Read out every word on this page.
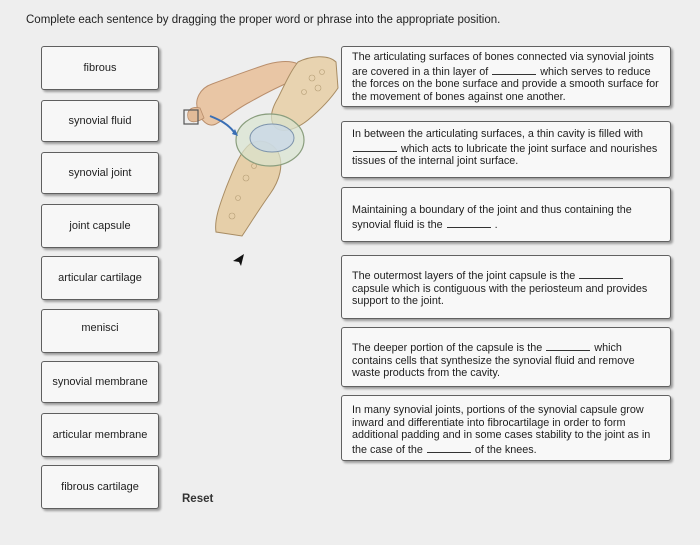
Complete each sentence by dragging the proper word or phrase into the appropriate position.
fibrous
synovial fluid
synovial joint
joint capsule
articular cartilage
menisci
synovial membrane
articular membrane
fibrous cartilage
The articulating surfaces of bones connected via synovial joints are covered in a thin layer of	which serves to reduce the forces on the bone surface and provide a smooth surface for the movement of bones against one another.
In between the articulating surfaces, a thin cavity is filled with  which acts to lubricate the joint surface and nourishes tissues of the internal joint surface.
Maintaining a boundary of the joint and thus containing the synovial fluid is the	.
The outermost layers of the joint capsule is the  capsule which is contiguous with the periosteum and provides support to the joint.
The deeper portion of the capsule is the	which contains cells that synthesize the synovial fluid and remove waste products from the cavity.
In many synovial joints, portions of the synovial capsule grow inward and differentiate into fibrocartilage in order to form additional padding and in some cases stability to the joint as in the case of the	of the knees.
Reset
